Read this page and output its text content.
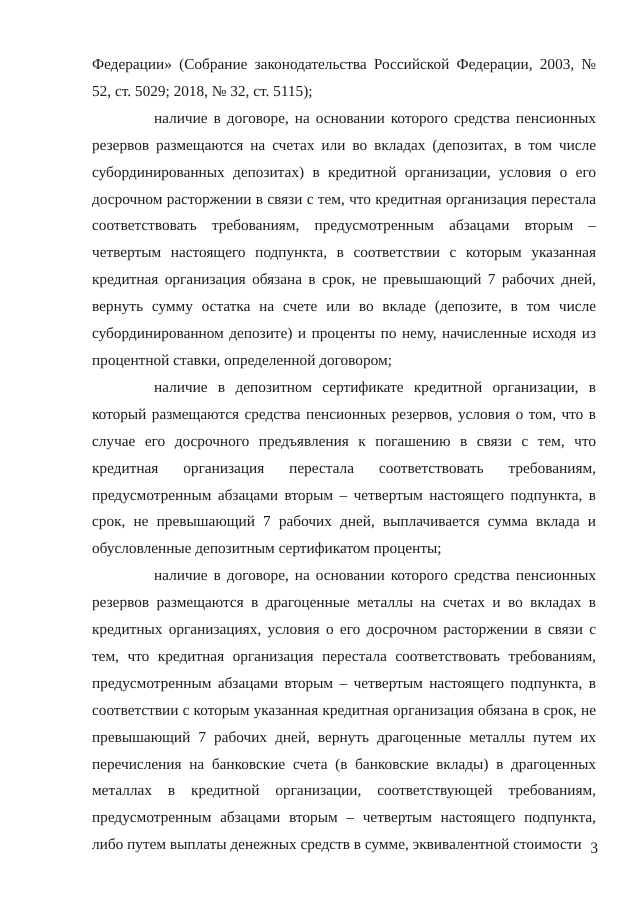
Федерации» (Собрание законодательства Российской Федерации, 2003, № 52, ст. 5029; 2018, № 32, ст. 5115);

наличие в договоре, на основании которого средства пенсионных резервов размещаются на счетах или во вкладах (депозитах, в том числе субординированных депозитах) в кредитной организации, условия о его досрочном расторжении в связи с тем, что кредитная организация перестала соответствовать требованиям, предусмотренным абзацами вторым – четвертым настоящего подпункта, в соответствии с которым указанная кредитная организация обязана в срок, не превышающий 7 рабочих дней, вернуть сумму остатка на счете или во вкладе (депозите, в том числе субординированном депозите) и проценты по нему, начисленные исходя из процентной ставки, определенной договором;

наличие в депозитном сертификате кредитной организации, в который размещаются средства пенсионных резервов, условия о том, что в случае его досрочного предъявления к погашению в связи с тем, что кредитная организация перестала соответствовать требованиям, предусмотренным абзацами вторым – четвертым настоящего подпункта, в срок, не превышающий 7 рабочих дней, выплачивается сумма вклада и обусловленные депозитным сертификатом проценты;

наличие в договоре, на основании которого средства пенсионных резервов размещаются в драгоценные металлы на счетах и во вкладах в кредитных организациях, условия о его досрочном расторжении в связи с тем, что кредитная организация перестала соответствовать требованиям, предусмотренным абзацами вторым – четвертым настоящего подпункта, в соответствии с которым указанная кредитная организация обязана в срок, не превышающий 7 рабочих дней, вернуть драгоценные металлы путем их перечисления на банковские счета (в банковские вклады) в драгоценных металлах в кредитной организации, соответствующей требованиям, предусмотренным абзацами вторым – четвертым настоящего подпункта, либо путем выплаты денежных средств в сумме, эквивалентной стоимости 3
